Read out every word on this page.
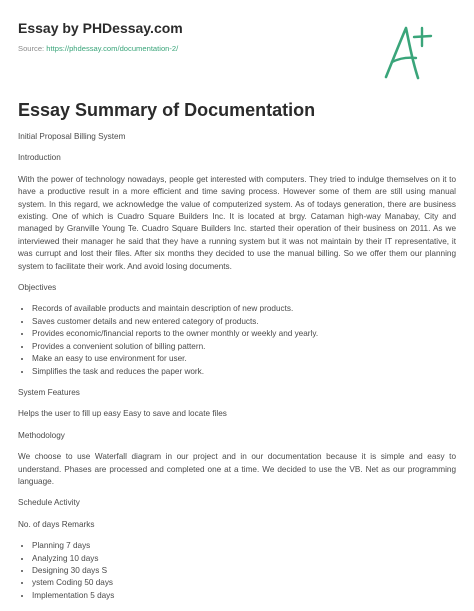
Essay by PHDessay.com
Source: https://phdessay.com/documentation-2/
Essay Summary of Documentation

Initial Proposal Billing System

Introduction

With the power of technology nowadays, people get interested with computers. They tried to indulge themselves on it to have a productive result in a more efficient and time saving process. However some of them are still using manual system. In this regard, we acknowledge the value of computerized system. As of todays generation, there are business existing. One of which is Cuadro Square Builders Inc. It is located at brgy. Cataman high-way Manabay, City and managed by Granville Young Te. Cuadro Square Builders Inc. started their operation of their business on 2011. As we interviewed their manager he said that they have a running system but it was not maintain by their IT representative, it was currupt and lost their files. After six months they decided to use the manual billing. So we offer them our planning system to facilitate their work. And avoid losing documents.

Objectives

• Records of available products and maintain description of new products.
• Saves customer details and new entered category of products.
• Provides economic/financial reports to the owner monthly or weekly and yearly.
• Provides a convenient solution of billing pattern.
• Make an easy to use environment for user.
• Simplifies the task and reduces the paper work.

System Features

Helps the user to fill up easy Easy to save and locate files

Methodology

We choose to use Waterfall diagram in our project and in our documentation because it is simple and easy to understand. Phases are processed and completed one at a time. We decided to use the VB. Net as our programming language.

Schedule Activity

No. of days Remarks

• Planning 7 days
• Analyzing 10 days
• Designing 30 days S
• ystem Coding 50 days
• Implementation 5 days
